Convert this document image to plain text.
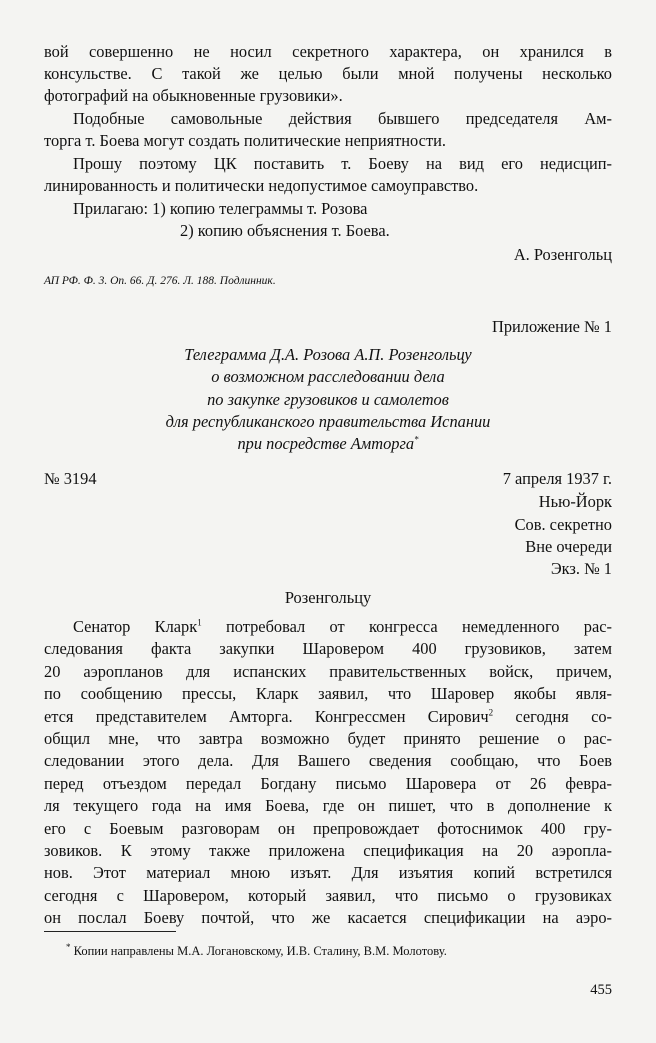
вой совершенно не носил секретного характера, он хранился в
консульстве. С такой же целью были мной получены несколько
фотографий на обыкновенные грузовики».
Подобные самовольные действия бывшего председателя Ам-
торга т. Боева могут создать политические неприятности.
Прошу поэтому ЦК поставить т. Боеву на вид его недисцип-
линированность и политически недопустимое самоуправство.
Прилагаю: 1) копию телеграммы т. Розова
2) копию объяснения т. Боева.
А. Розенгольц
АП РФ. Ф. 3. Оп. 66. Д. 276. Л. 188. Подлинник.
Приложение № 1
Телеграмма Д.А. Розова А.П. Розенгольцу
о возможном расследовании дела
по закупке грузовиков и самолетов
для республиканского правительства Испании
при посредстве Амторга*
№ 3194	7 апреля 1937 г.
Нью-Йорк
Сов. секретно
Вне очереди
Экз. № 1
Розенгольцу
Сенатор Кларк$^1$ потребовал от конгресса немедленного рас-
следования факта закупки Шаровером 400 грузовиков, затем
20 аэропланов для испанских правительственных войск, причем,
по сообщению прессы, Кларк заявил, что Шаровер якобы явля-
ется представителем Амторга. Конгрессмен Сирович$^2$ сегодня со-
общил мне, что завтра возможно будет принято решение о рас-
следовании этого дела. Для Вашего сведения сообщаю, что Боев
перед отъездом передал Богдану письмо Шаровера от 26 февра-
ля текущего года на имя Боева, где он пишет, что в дополнение к
его с Боевым разговорам он препровождает фотоснимок 400 гру-
зовиков. К этому также приложена спецификация на 20 аэропла-
нов. Этот материал мною изъят. Для изъятия копий встретился
сегодня с Шаровером, который заявил, что письмо о грузовиках
он послал Боеву почтой, что же касается спецификации на аэро-
* Копии направлены М.А. Логановскому, И.В. Сталину, В.М. Молотову.
455
